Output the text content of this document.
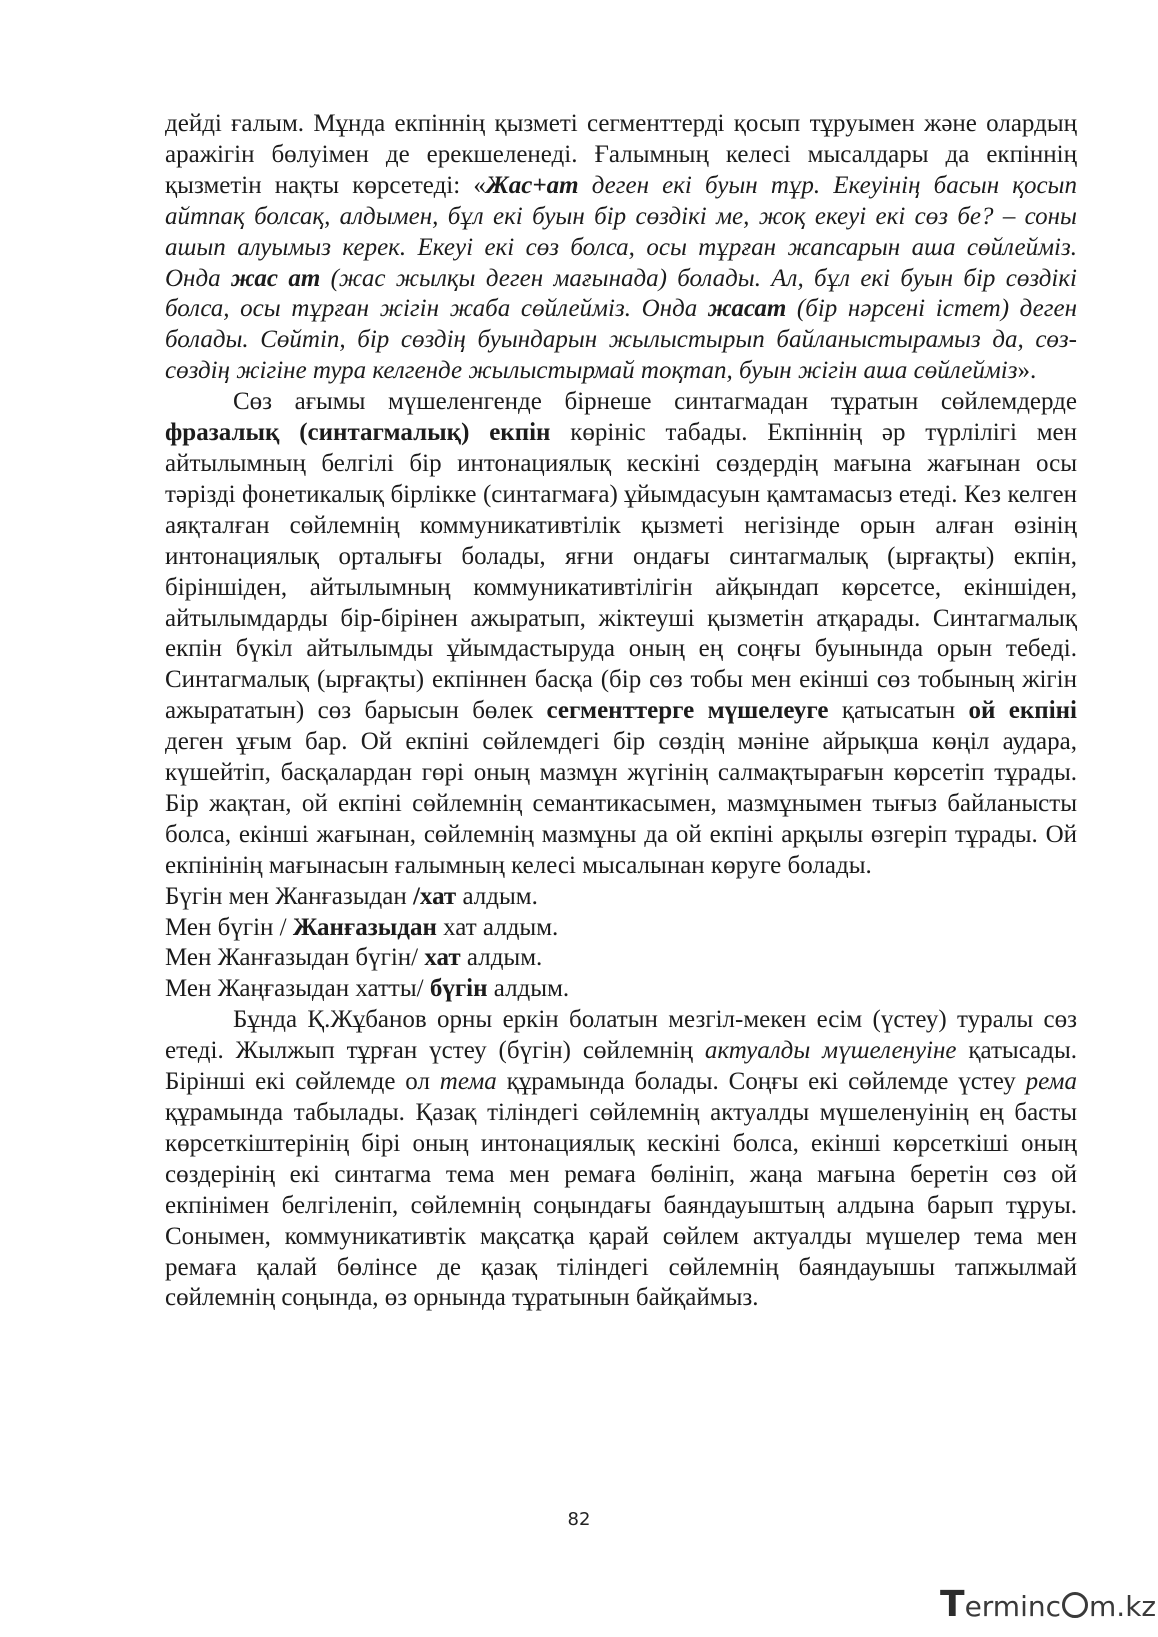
дейді ғалым. Мұнда екпіннің қызметі сегменттерді қосып тұруымен және олардың аражігін бөлуімен де ерекшеленеді. Ғалымның келесі мысалдары да екпіннің қызметін нақты көрсетеді: «Жас+ат деген екі буын тұр. Екеуінің басын қосып айтпақ болсақ, алдымен, бұл екі буын бір сөздікі ме, жоқ екеуі екі сөз бе? – соны ашып алуымыз керек. Екеуі екі сөз болса, осы тұрған жапсарын аша сөйлейміз. Онда жас ат (жас жылқы деген мағынада) болады. Ал, бұл екі буын бір сөздікі болса, осы тұрған жігін жаба сөйлейміз. Онда жасат (бір нәрсені істет) деген болады. Сөйтіп, бір сөздің буындарын жылыстырып байланыстырамыз да, сөз-сөздің жігіне тура келгенде жылыстырмай тоқтап, буын жігін аша сөйлейміз».

Сөз ағымы мүшеленгенде бірнеше синтагмадан тұратын сөйлемдерде фразалық (синтагмалық) екпін көрініс табады. Екпіннің әр түрлілігі мен айтылымның белгілі бір интонациялық кескіні сөздердің мағына жағынан осы тәрізді фонетикалық бірлікке (синтагмаға) ұйымдасуын қамтамасыз етеді. Кез келген аяқталған сөйлемнің коммуникативтілік қызметі негізінде орын алған өзінің интонациялық орталығы болады, яғни ондағы синтагмалық (ырғақты) екпін, біріншіден, айтылымның коммуникативтілігін айқындап көрсетсе, екіншіден, айтылымдарды бір-бірінен ажыратып, жіктеуші қызметін атқарады. Синтагмалық екпін бүкіл айтылымды ұйымдастыруда оның ең соңғы буынында орын тебеді. Синтагмалық (ырғақты) екпіннен басқа (бір сөз тобы мен екінші сөз тобының жігін ажырататын) сөз барысын бөлек сегменттерге мүшелеуге қатысатын ой екпіні деген ұғым бар. Ой екпіні сөйлемдегі бір сөздің мәніне айрықша көңіл аудара, күшейтіп, басқалардан гөрі оның мазмұн жүгінің салмақтырағын көрсетіп тұрады. Бір жақтан, ой екпіні сөйлемнің семантикасымен, мазмұнымен тығыз байланысты болса, екінші жағынан, сөйлемнің мазмұны да ой екпіні арқылы өзгеріп тұрады. Ой екпінінің мағынасын ғалымның келесі мысалынан көруге болады.

Бүгін мен Жанғазыдан /хат алдым.

Мен бүгін / Жанғазыдан хат алдым.

Мен Жанғазыдан бүгін/ хат алдым.

Мен Жаңғазыдан хатты/ бүгін алдым.

Бұнда Қ.Жұбанов орны еркін болатын мезгіл-мекен есім (үстеу) туралы сөз етеді. Жылжып тұрған үстеу (бүгін) сөйлемнің актуалды мүшеленуіне қатысады. Бірінші екі сөйлемде ол тема құрамында болады. Соңғы екі сөйлемде үстеу рема құрамында табылады. Қазақ тіліндегі сөйлемнің актуалды мүшеленуінің ең басты көрсеткіштерінің бірі оның интонациялық кескіні болса, екінші көрсеткіші оның сөздерінің екі синтагма тема мен ремаға бөлініп, жаңа мағына беретін сөз ой екпінімен белгіленіп, сөйлемнің соңындағы баяндауыштың алдына барып тұруы. Сонымен, коммуникативтік мақсатқа қарай сөйлем актуалды мүшелер тема мен ремаға қалай бөлінсе де қазақ тіліндегі сөйлемнің баяндауышы тапжылмай сөйлемнің соңында, өз орнында тұратынын байқаймыз.

82
Terminc m.kz
